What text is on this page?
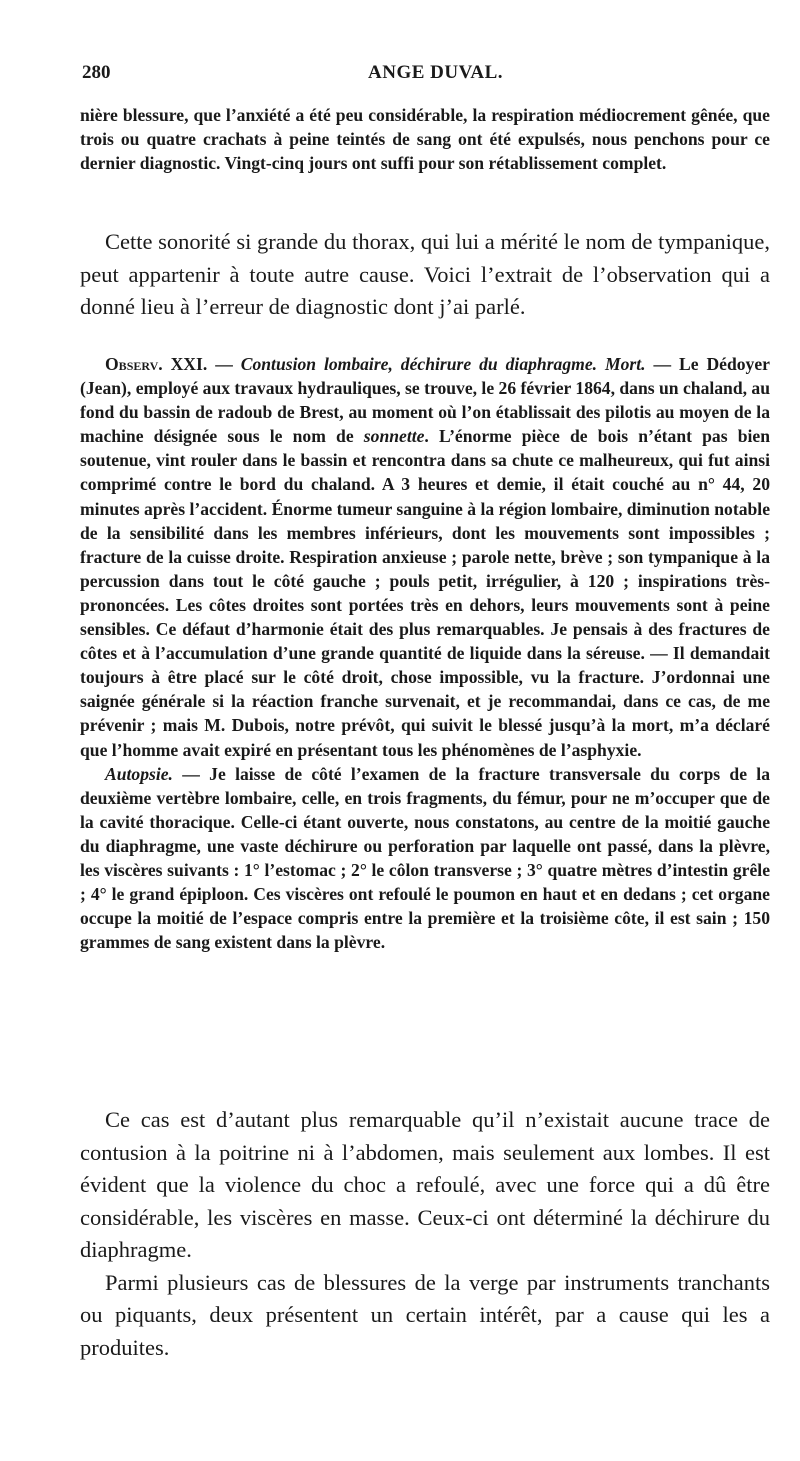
280	ANGE DUVAL.

nière blessure, que l’anxiété a été peu considérable, la respiration médiocrement gênée, que trois ou quatre crachats à peine teintés de sang ont été expulsés, nous penchons pour ce dernier diagnostic. Vingt-cinq jours ont suffi pour son rétablissement complet.

Cette sonorité si grande du thorax, qui lui a mérité le nom de tympanique, peut appartenir à toute autre cause. Voici l’extrait de l’observation qui a donné lieu à l’erreur de diagnostic dont j’ai parlé.

Observ. XXI. — Contusion lombaire, déchirure du diaphragme. Mort. — Le Dédoyer (Jean), employé aux travaux hydrauliques, se trouve, le 26 février 1864, dans un chaland, au fond du bassin de radoub de Brest, au moment où l’on établissait des pilotis au moyen de la machine désignée sous le nom de sonnette. L’énorme pièce de bois n’étant pas bien soutenue, vint rouler dans le bassin et rencontra dans sa chute ce malheureux, qui fut ainsi comprimé contre le bord du chaland. A 3 heures et demie, il était couché au n° 44, 20 minutes après l’accident. Énorme tumeur sanguine à la région lombaire, diminution notable de la sensibilité dans les membres inférieurs, dont les mouvements sont impossibles ; fracture de la cuisse droite. Respiration anxieuse ; parole nette, brève ; son tympanique à la percussion dans tout le côté gauche ; pouls petit, irrégulier, à 120 ; inspirations très-prononcées. Les côtes droites sont portées très en dehors, leurs mouvements sont à peine sensibles. Ce défaut d’harmonie était des plus remarquables. Je pensais à des fractures de côtes et à l’accumulation d’une grande quantité de liquide dans la séreuse. — Il demandait toujours à être placé sur le côté droit, chose impossible, vu la fracture. J’ordonnai une saignée générale si la réaction franche survenait, et je recommandai, dans ce cas, de me prévenir ; mais M. Dubois, notre prévôt, qui suivit le blessé jusqu’à la mort, m’a déclaré que l’homme avait expiré en présentant tous les phénomènes de l’asphyxie.

Autopsie. — Je laisse de côté l’examen de la fracture transversale du corps de la deuxième vertèbre lombaire, celle, en trois fragments, du fémur, pour ne m’occuper que de la cavité thoracique. Celle-ci étant ouverte, nous constatons, au centre de la moitié gauche du diaphragme, une vaste déchirure ou perforation par laquelle ont passé, dans la plèvre, les viscères suivants : 1° l’estomac ; 2° le côlon transverse ; 3° quatre mètres d’intestin grêle ; 4° le grand épiploon. Ces viscères ont refoulé le poumon en haut et en dedans ; cet organe occupe la moitié de l’espace compris entre la première et la troisième côte, il est sain ; 150 grammes de sang existent dans la plèvre.

Ce cas est d’autant plus remarquable qu’il n’existait aucune trace de contusion à la poitrine ni à l’abdomen, mais seulement aux lombes. Il est évident que la violence du choc a refoulé, avec une force qui a dû être considérable, les viscères en masse. Ceux-ci ont déterminé la déchirure du diaphragme.

Parmi plusieurs cas de blessures de la verge par instruments tranchants ou piquants, deux présentent un certain intérêt, par a cause qui les a produites.
